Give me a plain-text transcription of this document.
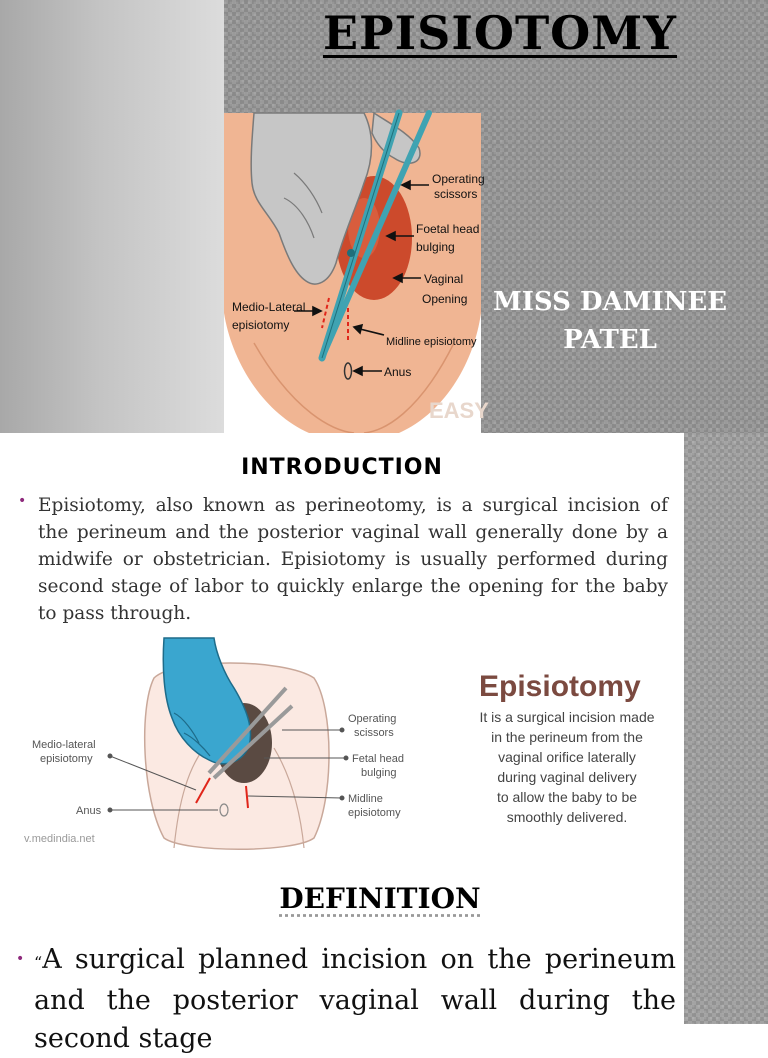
EPISIOTOMY
Operating
scissors
Foetal head
bulging
Vaginal
Opening
Medio-Lateral
episiotomy
Midline episiotomy
Anus
EASY
MISS DAMINEE
PATEL
INTRODUCTION
• Episiotomy, also known as perineotomy, is a surgical incision of the perineum and the posterior vaginal wall generally done by a midwife or obstetrician. Episiotomy is usually performed during second stage of labor to quickly enlarge the opening for the baby to pass through.

Operating
scissors
Fetal head
bulging
Midline
episiotomy
Medio-lateral
episiotomy
Anus
v.medindia.net
Episiotomy
It is a surgical incision made
in the perineum from the
vaginal orifice laterally
during vaginal delivery
to allow the baby to be
smoothly delivered.
DEFINITION
• “A surgical planned incision on the perineum and the posterior vaginal wall during the second stage
